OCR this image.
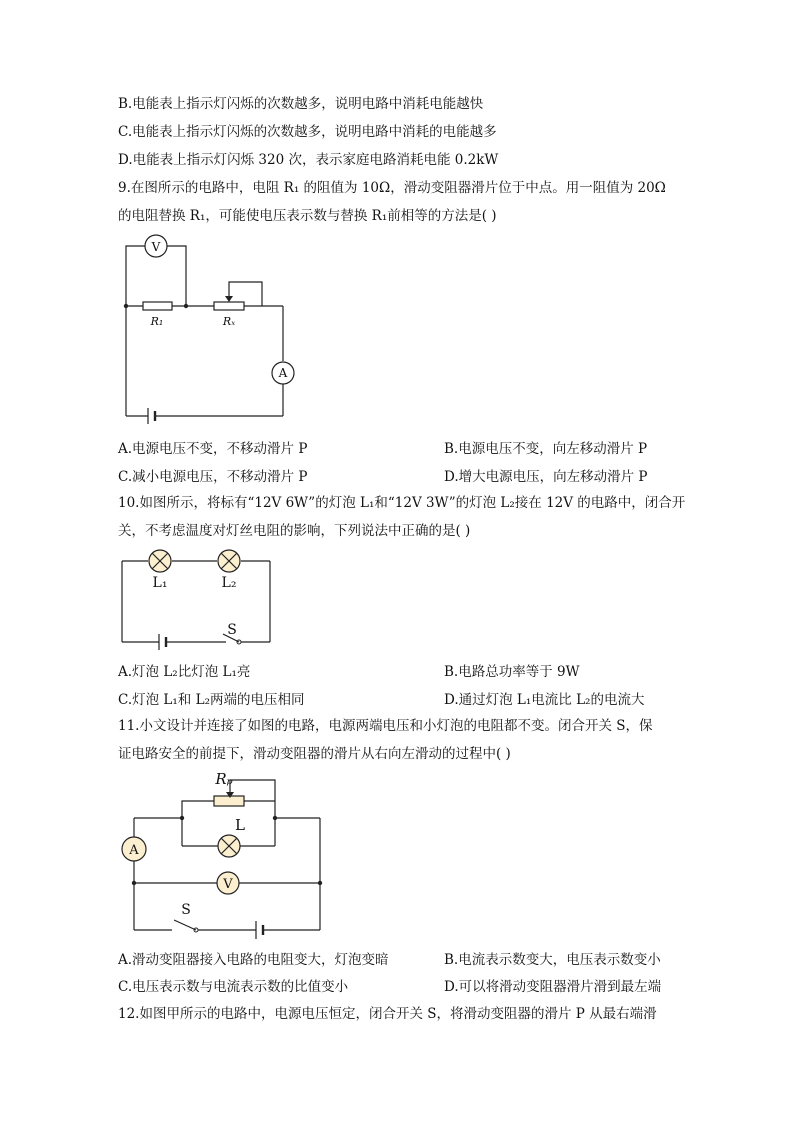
B.电能表上指示灯闪烁的次数越多，说明电路中消耗电能越快
C.电能表上指示灯闪烁的次数越多，说明电路中消耗的电能越多
D.电能表上指示灯闪烁 320 次，表示家庭电路消耗电能 0.2kW
9.在图所示的电路中，电阻 R₁ 的阻值为 10Ω，滑动变阻器滑片位于中点。用一阻值为 20Ω
的电阻替换 R₁，可能使电压表示数与替换 R₁前相等的方法是( )
V
R₁	Rₓ
A
A.电源电压不变，不移动滑片 P	B.电源电压不变，向左移动滑片 P
C.减小电源电压，不移动滑片 P	D.增大电源电压，向左移动滑片 P
10.如图所示，将标有“12V 6W”的灯泡 L₁和“12V 3W”的灯泡 L₂接在 12V 的电路中，闭合开
关，不考虑温度对灯丝电阻的影响，下列说法中正确的是( )
L₁	L₂
S
A.灯泡 L₂比灯泡 L₁亮	B.电路总功率等于 9W
C.灯泡 L₁和 L₂两端的电压相同	D.通过灯泡 L₁电流比 L₂的电流大
11.小文设计并连接了如图的电路，电源两端电压和小灯泡的电阻都不变。闭合开关 S，保
证电路安全的前提下，滑动变阻器的滑片从右向左滑动的过程中( )
Rₚ
L
A
V
S
A.滑动变阻器接入电路的电阻变大，灯泡变暗	B.电流表示数变大，电压表示数变小
C.电压表示数与电流表示数的比值变小	D.可以将滑动变阻器滑片滑到最左端
12.如图甲所示的电路中，电源电压恒定，闭合开关 S，将滑动变阻器的滑片 P 从最右端滑
